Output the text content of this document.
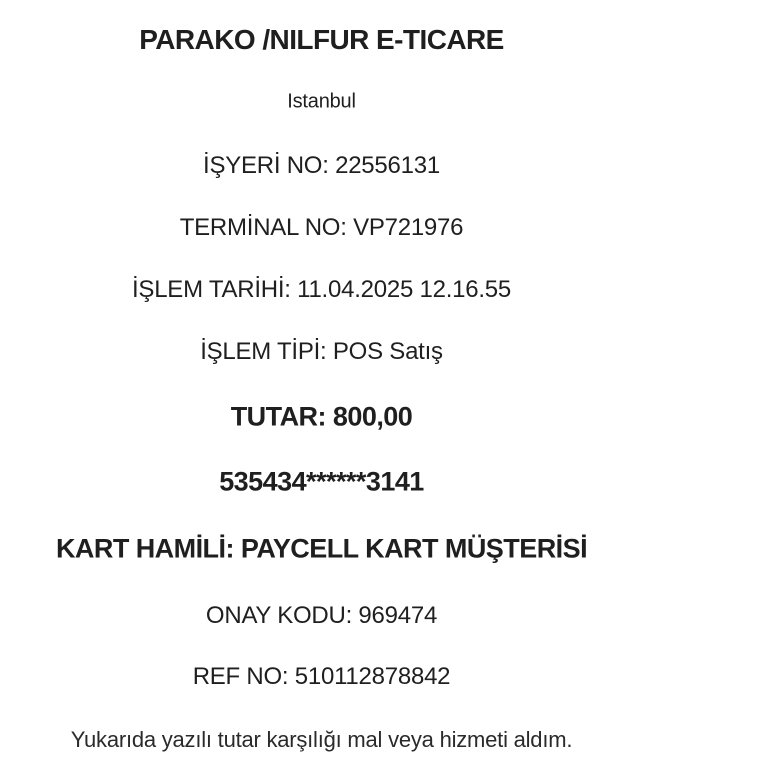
PARAKO /NILFUR E-TICARE
Istanbul
İŞYERİ NO: 22556131
TERMİNAL NO: VP721976
İŞLEM TARİHİ: 11.04.2025 12.16.55
İŞLEM TİPİ: POS Satış
TUTAR: 800,00
535434******3141
KART HAMİLİ: PAYCELL KART MÜŞTERİSİ
ONAY KODU: 969474
REF NO: 510112878842
Yukarıda yazılı tutar karşılığı mal veya hizmeti aldım.
